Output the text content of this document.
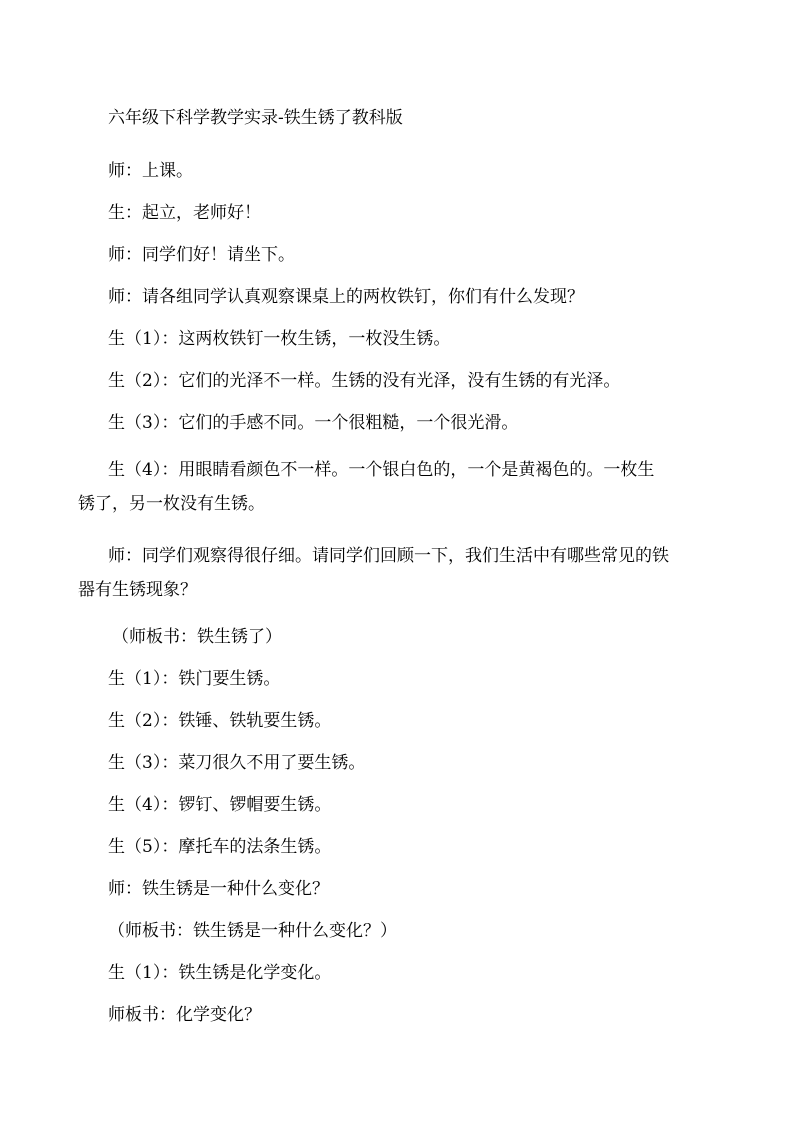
六年级下科学教学实录-铁生锈了教科版

师：上课。

生：起立，老师好！

师：同学们好！请坐下。

师：请各组同学认真观察课桌上的两枚铁钉，你们有什么发现？

生（1）：这两枚铁钉一枚生锈，一枚没生锈。

生（2）：它们的光泽不一样。生锈的没有光泽，没有生锈的有光泽。

生（3）：它们的手感不同。一个很粗糙，一个很光滑。

生（4）：用眼睛看颜色不一样。一个银白色的，一个是黄褐色的。一枚生
锈了，另一枚没有生锈。

师：同学们观察得很仔细。请同学们回顾一下，我们生活中有哪些常见的铁
器有生锈现象？

（师板书：铁生锈了）

生（1）：铁门要生锈。

生（2）：铁锤、铁轨要生锈。

生（3）：菜刀很久不用了要生锈。

生（4）：锣钉、锣帽要生锈。

生（5）：摩托车的法条生锈。

师：铁生锈是一种什么变化？

（师板书：铁生锈是一种什么变化？）

生（1）：铁生锈是化学变化。

师板书：化学变化？
